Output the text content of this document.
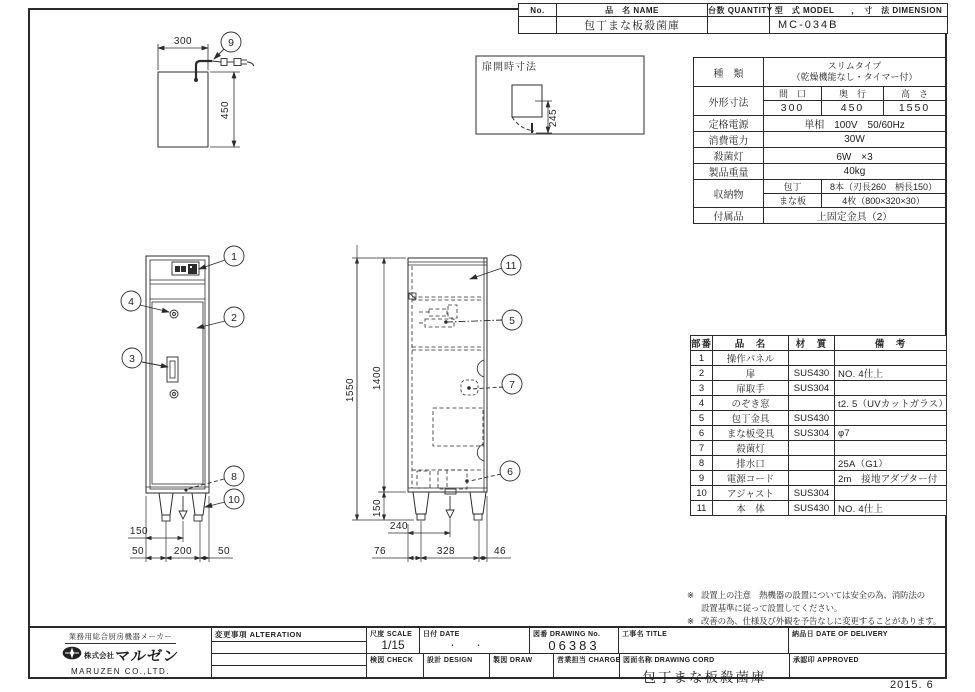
300
450
扉開時寸法
245
150
50	200	50
1550 1400
150
240
76	328	46
9
1
4
2
3
8
10
11
5
7
6
No.	品　名 NAME	台数 QUANTITY	型　式 MODEL　　，　寸　法 DIMENSION
	包丁まな板殺菌庫		MC-034B
種　類	スリムタイプ
（乾燥機能なし・タイマー付）		

外形寸法	間　口	奥　行	高　さ
	300	450	1550
定格電源	単相　100V　50/60Hz		
消費電力	30W		
殺菌灯	6W　×3		
製品重量	40kg		
収納物	包丁	8本（刃長260　柄長150）	
	まな板	4枚（800×320×30）	
付属品	上固定金具（2）		
部番	品　名	材　質	備　考
1	操作パネル		
2	扉	SUS430	NO. 4仕上
3	扉取手	SUS304	
4	のぞき窓		t2. 5（UVカットガラス）
5	包丁金具	SUS430	
6	まな板受具	SUS304	φ7
7	殺菌灯		
8	排水口		25A（G1）
9	電源コード		2m　接地アダプター付
10	アジャスト	SUS304	
11	本　体	SUS430	NO. 4仕上
※ 設置上の注意　熱機器の設置については安全の為、消防法の
設置基準に従って設置してください。
※ 改善の為、仕様及び外観を予告なしに変更することがあります。
業務用総合厨房機器メーカー
株式会社 マルゼン
MARUZEN CO.,LTD.
変更事項 ALTERATION	尺度 SCALE
1/15
日付 DATE
・・
図番 DRAWING No.
06383
工事名 TITLE	納品日 DATE OF DELIVERY
検図 CHECK	設計 DESIGN	製図 DRAW	営業担当 CHARGE 図面名称 DRAWING CORD
包丁まな板殺菌庫
承認印 APPROVED
2015. 6
